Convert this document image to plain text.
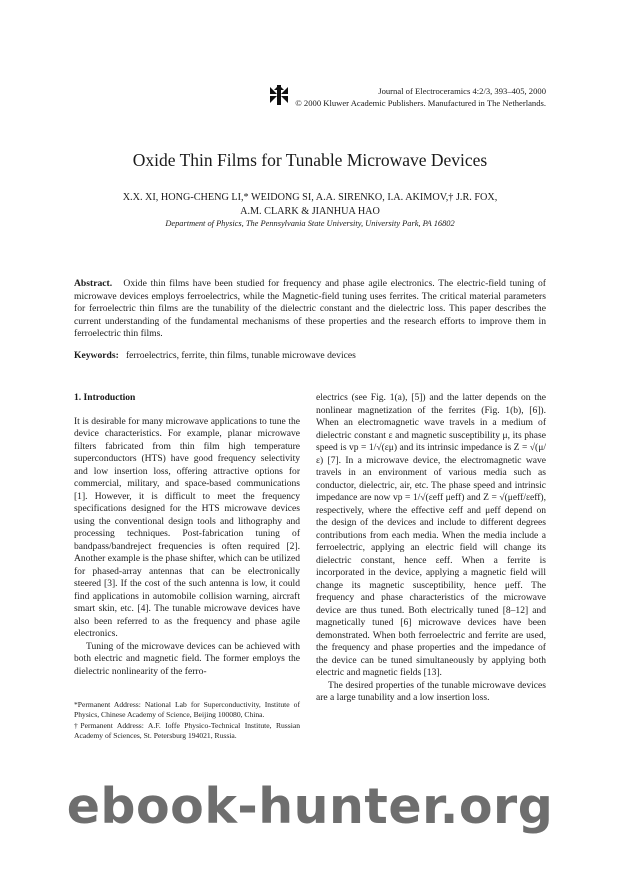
Journal of Electroceramics 4:2/3, 393–405, 2000
© 2000 Kluwer Academic Publishers. Manufactured in The Netherlands.
Oxide Thin Films for Tunable Microwave Devices
X.X. XI, HONG-CHENG LI,* WEIDONG SI, A.A. SIRENKO, I.A. AKIMOV,† J.R. FOX,
A.M. CLARK & JIANHUA HAO
Department of Physics, The Pennsylvania State University, University Park, PA 16802
Abstract. Oxide thin films have been studied for frequency and phase agile electronics. The electric-field tuning of microwave devices employs ferroelectrics, while the Magnetic-field tuning uses ferrites. The critical material parameters for ferroelectric thin films are the tunability of the dielectric constant and the dielectric loss. This paper describes the current understanding of the fundamental mechanisms of these properties and the research efforts to improve them in ferroelectric thin films.
Keywords: ferroelectrics, ferrite, thin films, tunable microwave devices

1. Introduction

It is desirable for many microwave applications to tune the device characteristics. For example, planar microwave filters fabricated from thin film high temperature superconductors (HTS) have good frequency selectivity and low insertion loss, offering attractive options for commercial, military, and space-based communications [1]. However, it is difficult to meet the frequency specifications designed for the HTS microwave devices using the conventional design tools and lithography and processing techniques. Post-fabrication tuning of bandpass/bandreject frequencies is often required [2]. Another example is the phase shifter, which can be utilized for phased-array antennas that can be electronically steered [3]. If the cost of the such antenna is low, it could find applications in automobile collision warning, aircraft smart skin, etc. [4]. The tunable microwave devices have also been referred to as the frequency and phase agile electronics.

Tuning of the microwave devices can be achieved with both electric and magnetic field. The former employs the dielectric nonlinearity of the ferro-

electrics (see Fig. 1(a), [5]) and the latter depends on the nonlinear magnetization of the ferrites (Fig. 1(b), [6]). When an electromagnetic wave travels in a medium of dielectric constant ε and magnetic susceptibility μ, its phase speed is vp = 1/√(εμ) and its intrinsic impedance is Z = √(μ/ε) [7]. In a microwave device, the electromagnetic wave travels in an environment of various media such as conductor, dielectric, air, etc. The phase speed and intrinsic impedance are now vp = 1/√(εeff μeff) and Z = √(μeff/εeff), respectively, where the effective εeff and μeff depend on the design of the devices and include to different degrees contributions from each media. When the media include a ferroelectric, applying an electric field will change its dielectric constant, hence εeff. When a ferrite is incorporated in the device, applying a magnetic field will change its magnetic susceptibility, hence μeff. The frequency and phase characteristics of the microwave device are thus tuned. Both electrically tuned [8–12] and magnetically tuned [6] microwave devices have been demonstrated. When both ferroelectric and ferrite are used, the frequency and phase properties and the impedance of the device can be tuned simultaneously by applying both electric and magnetic fields [13].

The desired properties of the tunable microwave devices are a large tunability and a low insertion loss.

*Permanent Address: National Lab for Superconductivity, Institute of Physics, Chinese Academy of Science, Beijing 100080, China.

†Permanent Address: A.F. Ioffe Physico-Technical Institute, Russian Academy of Sciences, St. Petersburg 194021, Russia.

ebook-hunter.org
